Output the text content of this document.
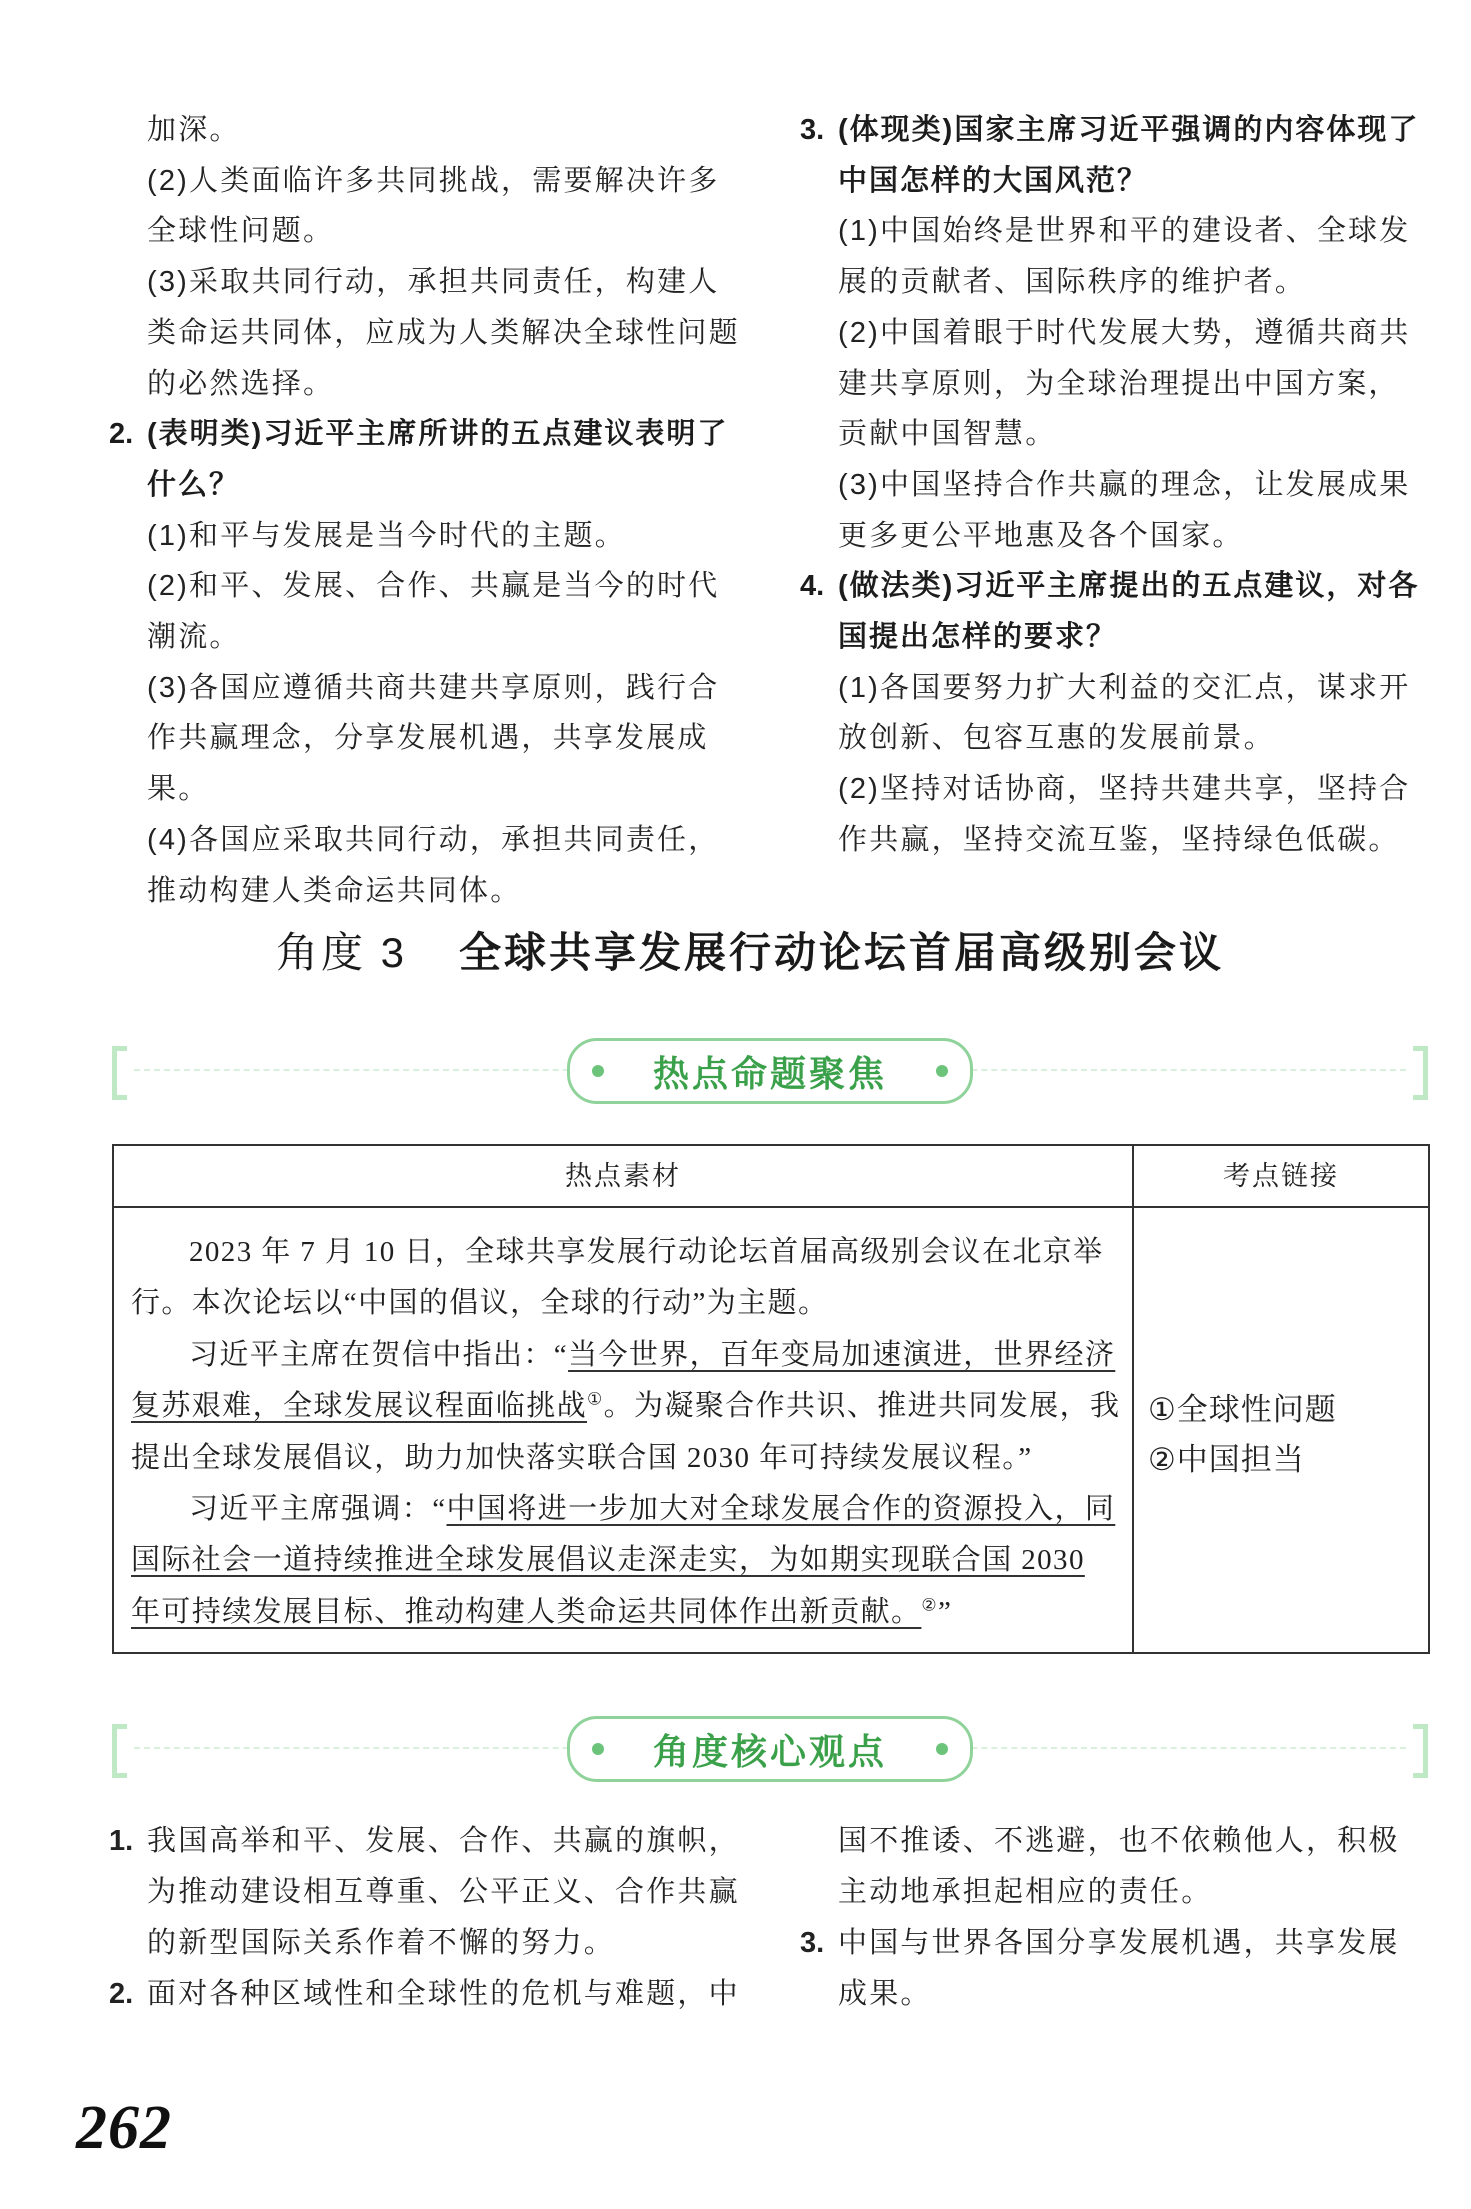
加深。

(2)人类面临许多共同挑战，需要解决许多全球性问题。

(3)采取共同行动，承担共同责任，构建人类命运共同体，应成为人类解决全球性问题的必然选择。

2. (表明类)习近平主席所讲的五点建议表明了什么？

(1)和平与发展是当今时代的主题。

(2)和平、发展、合作、共赢是当今的时代潮流。

(3)各国应遵循共商共建共享原则，践行合作共赢理念，分享发展机遇，共享发展成果。

(4)各国应采取共同行动，承担共同责任，推动构建人类命运共同体。

3. (体现类)国家主席习近平强调的内容体现了中国怎样的大国风范？

(1)中国始终是世界和平的建设者、全球发展的贡献者、国际秩序的维护者。

(2)中国着眼于时代发展大势，遵循共商共建共享原则，为全球治理提出中国方案，贡献中国智慧。

(3)中国坚持合作共赢的理念，让发展成果更多更公平地惠及各个国家。

4. (做法类)习近平主席提出的五点建议，对各国提出怎样的要求？

(1)各国要努力扩大利益的交汇点，谋求开放创新、包容互惠的发展前景。

(2)坚持对话协商，坚持共建共享，坚持合作共赢，坚持交流互鉴，坚持绿色低碳。

角度 3 全球共享发展行动论坛首届高级别会议
热点命题聚焦
热点素材	考点链接

2023 年 7 月 10 日，全球共享发展行动论坛首届高级别会议在北京举行。本次论坛以“中国的倡议，全球的行动”为主题。

习近平主席在贺信中指出：“当今世界，百年变局加速演进，世界经济复苏艰难，全球发展议程面临挑战①。为凝聚合作共识、推进共同发展，我提出全球发展倡议，助力加快落实联合国 2030 年可持续发展议程。”

习近平主席强调：“中国将进一步加大对全球发展合作的资源投入，同国际社会一道持续推进全球发展倡议走深走实，为如期实现联合国 2030 年可持续发展目标、推动构建人类命运共同体作出新贡献。②”

①全球性问题
②中国担当
角度核心观点
1. 我国高举和平、发展、合作、共赢的旗帜，为推动建设相互尊重、公平正义、合作共赢的新型国际关系作着不懈的努力。
2. 面对各种区域性和全球性的危机与难题，中
国不推诿、不逃避，也不依赖他人，积极主动地承担起相应的责任。
3. 中国与世界各国分享发展机遇，共享发展成果。
262
